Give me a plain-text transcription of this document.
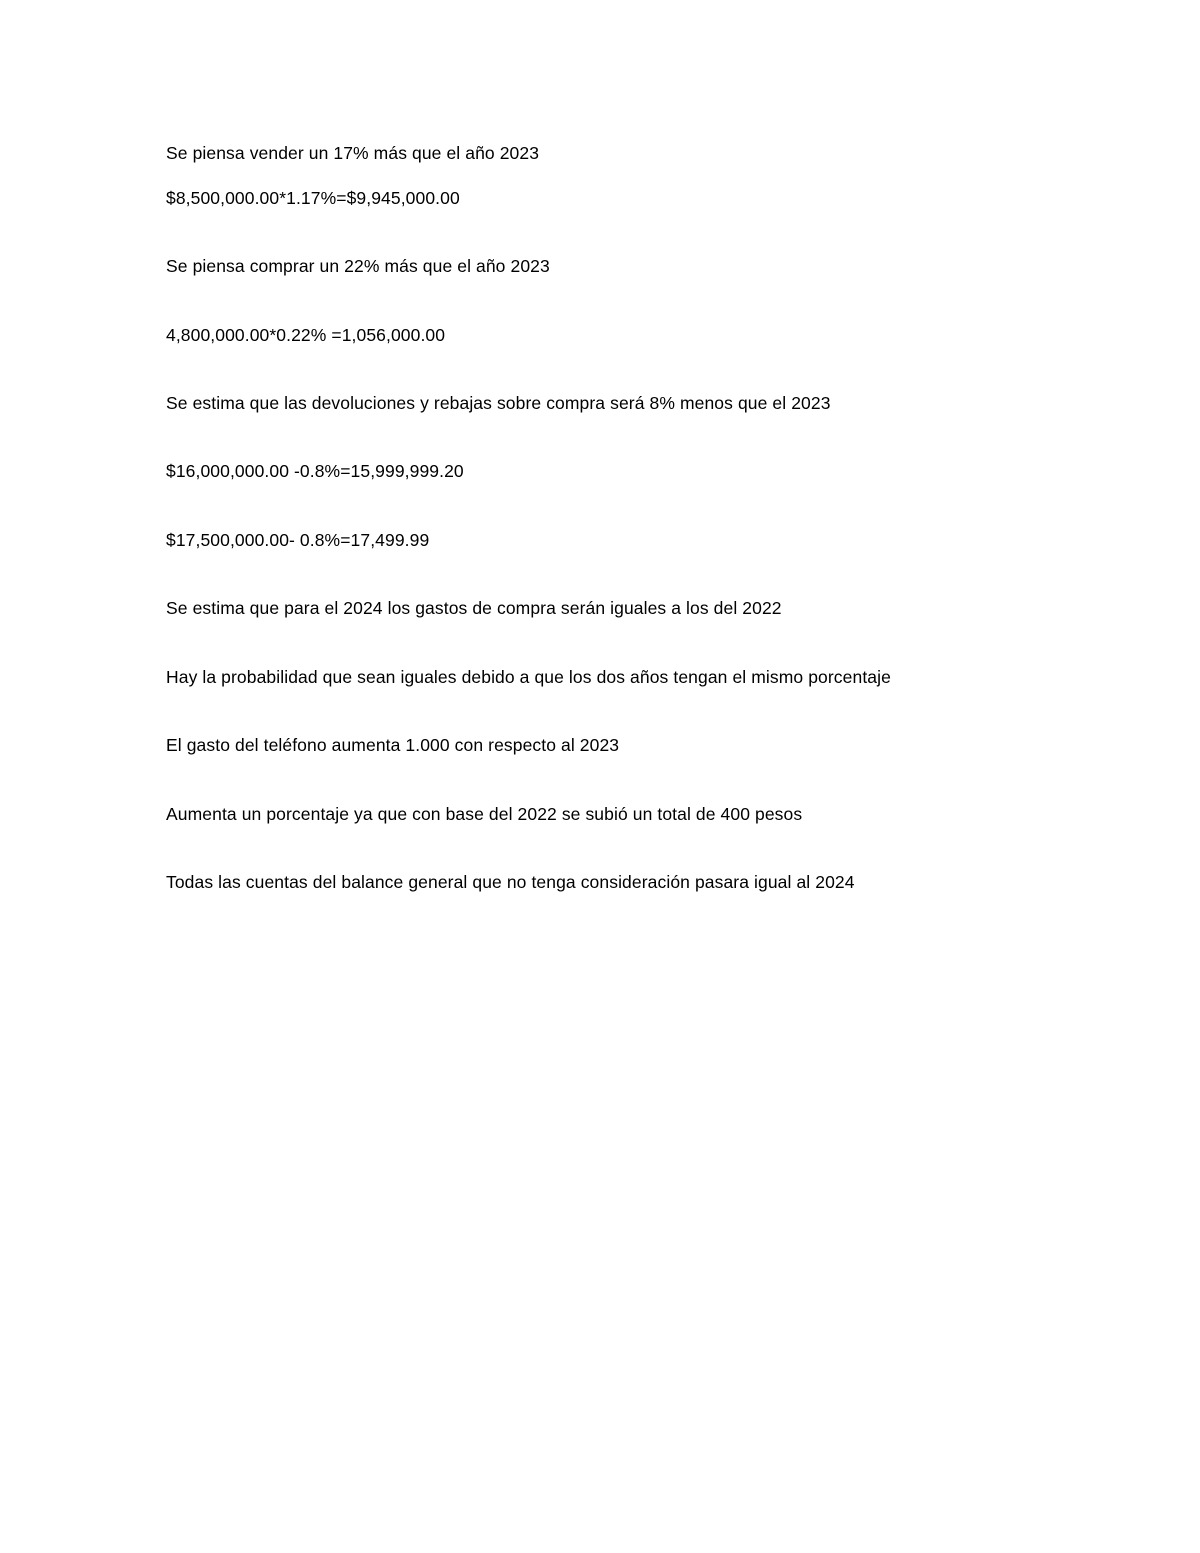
Se piensa vender un 17% más que el año 2023
$8,500,000.00*1.17%=$9,945,000.00
Se piensa comprar un 22% más que el año 2023
4,800,000.00*0.22% =1,056,000.00
Se estima que las devoluciones y rebajas sobre compra será 8% menos que el 2023
$16,000,000.00 -0.8%=15,999,999.20
$17,500,000.00- 0.8%=17,499.99
Se estima que para el 2024 los gastos de compra serán iguales a los del 2022
Hay la probabilidad que sean iguales debido a que los dos años tengan el mismo porcentaje
El gasto del teléfono aumenta 1.000 con respecto al 2023
Aumenta un porcentaje ya que con base del 2022 se subió un total de 400 pesos
Todas las cuentas del balance general que no tenga consideración pasara igual al 2024
